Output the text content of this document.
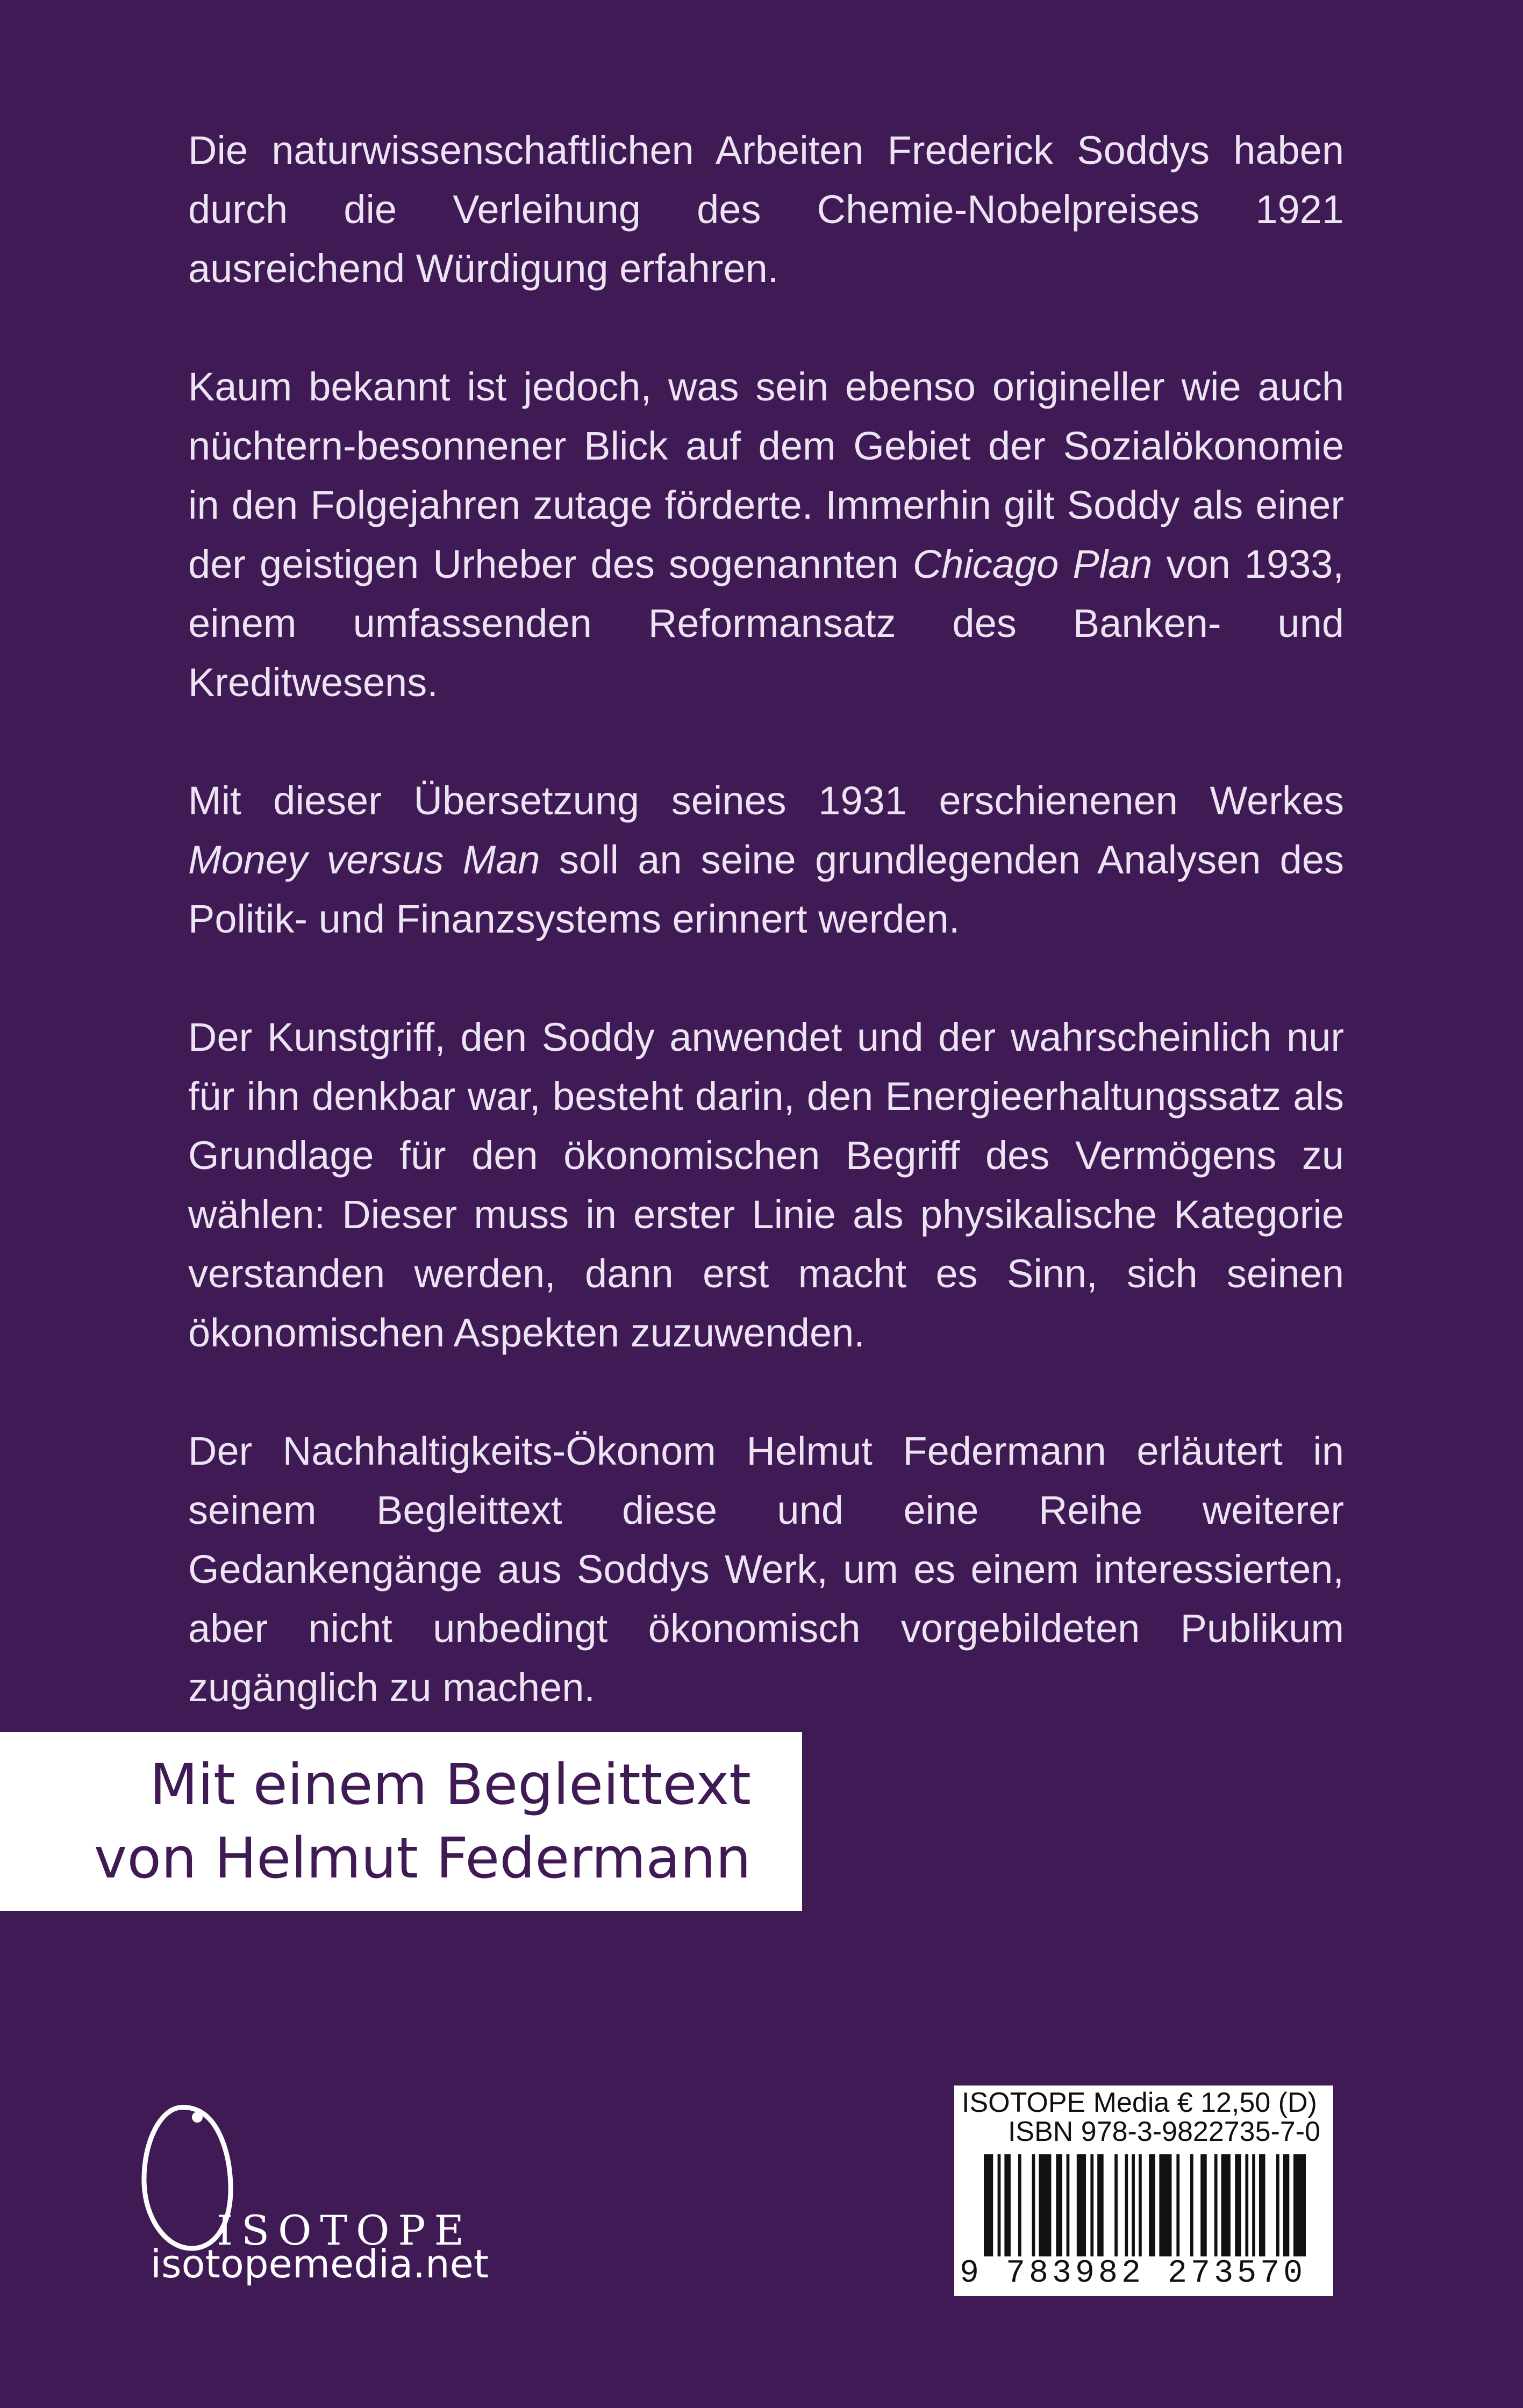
Die naturwissenschaftlichen Arbeiten Frederick Soddys haben durch die Verleihung des Chemie-Nobelpreises 1921 ausreichend Würdigung erfahren.

Kaum bekannt ist jedoch, was sein ebenso origineller wie auch nüchtern-besonnener Blick auf dem Gebiet der Sozialökonomie in den Folgejahren zutage förderte. Immerhin gilt Soddy als einer der geistigen Urheber des sogenannten Chicago Plan von 1933, einem umfassenden Reformansatz des Banken- und Kreditwesens.

Mit dieser Übersetzung seines 1931 erschienenen Werkes Money versus Man soll an seine grundlegenden Analysen des Politik- und Finanzsystems erinnert werden.

Der Kunstgriff, den Soddy anwendet und der wahrscheinlich nur für ihn denkbar war, besteht darin, den Energieerhaltungssatz als Grundlage für den ökonomischen Begriff des Vermögens zu wählen: Dieser muss in erster Linie als physikalische Kategorie verstanden werden, dann erst macht es Sinn, sich seinen ökonomischen Aspekten zuzuwenden.

Der Nachhaltigkeits-Ökonom Helmut Federmann erläutert in seinem Begleittext diese und eine Reihe weiterer Gedankengänge aus Soddys Werk, um es einem interessierten, aber nicht unbedingt ökonomisch vorgebildeten Publikum zugänglich zu machen.

Mit einem Begleittext
von Helmut Federmann
ISOTOPE
isotopemedia.net
ISOTOPE Media € 12,50 (D)
ISBN 978-3-9822735-7-0
9 783982 273570
